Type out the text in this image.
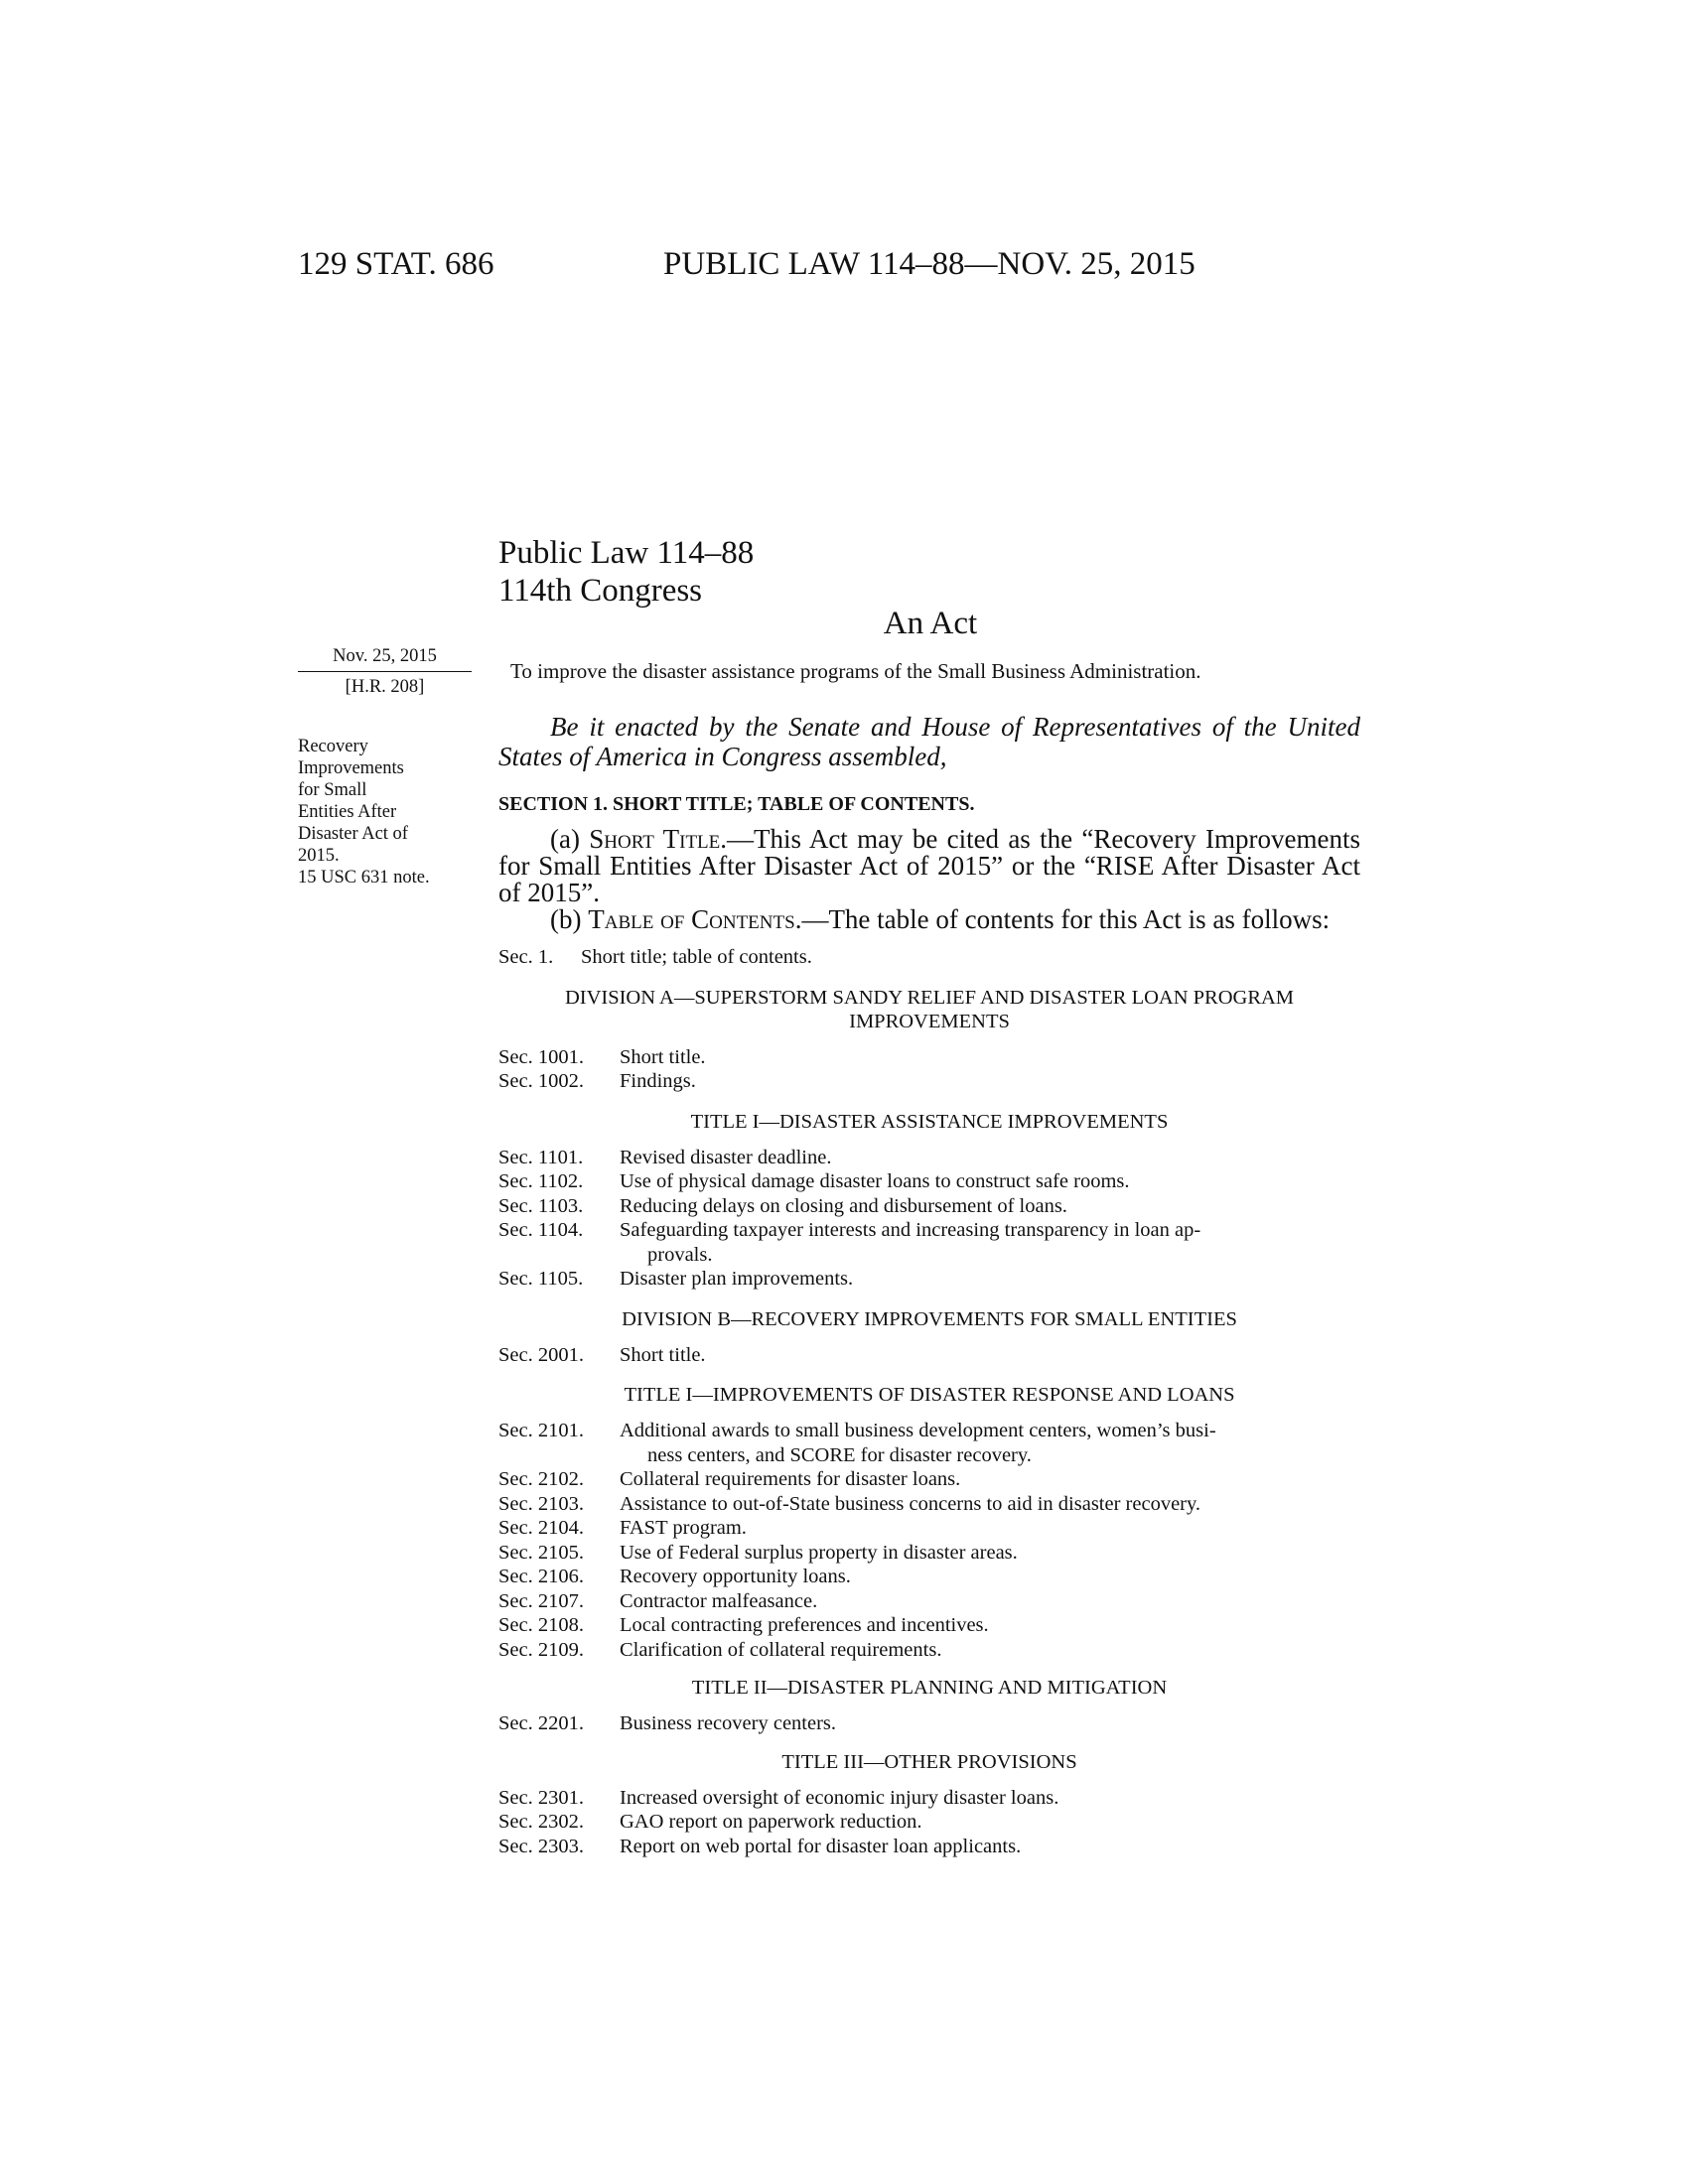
129 STAT. 686	PUBLIC LAW 114–88—NOV. 25, 2015
Public Law 114–88
114th Congress
An Act
Nov. 25, 2015
[H.R. 208]
Recovery
Improvements
for Small
Entities After
Disaster Act of
2015.
15 USC 631 note.
To improve the disaster assistance programs of the Small Business Administration.
Be it enacted by the Senate and House of Representatives of the United States of America in Congress assembled,
SECTION 1. SHORT TITLE; TABLE OF CONTENTS.
(a) Short Title.—This Act may be cited as the “Recovery Improvements for Small Entities After Disaster Act of 2015” or the “RISE After Disaster Act of 2015”.
(b) Table of Contents.—The table of contents for this Act is as follows:
Sec. 1.	Short title; table of contents.
DIVISION A—SUPERSTORM SANDY RELIEF AND DISASTER LOAN PROGRAM
IMPROVEMENTS
Sec. 1001.	Short title.
Sec. 1002.	Findings.
TITLE I—DISASTER ASSISTANCE IMPROVEMENTS
Sec. 1101.	Revised disaster deadline.
Sec. 1102.	Use of physical damage disaster loans to construct safe rooms.
Sec. 1103.	Reducing delays on closing and disbursement of loans.
Sec. 1104.	Safeguarding taxpayer interests and increasing transparency in loan ap-
provals.
Sec. 1105.	Disaster plan improvements.
DIVISION B—RECOVERY IMPROVEMENTS FOR SMALL ENTITIES
Sec. 2001.	Short title.
TITLE I—IMPROVEMENTS OF DISASTER RESPONSE AND LOANS
Sec. 2101.	Additional awards to small business development centers, women’s busi-
ness centers, and SCORE for disaster recovery.
Sec. 2102.	Collateral requirements for disaster loans.
Sec. 2103.	Assistance to out-of-State business concerns to aid in disaster recovery.
Sec. 2104.	FAST program.
Sec. 2105.	Use of Federal surplus property in disaster areas.
Sec. 2106.	Recovery opportunity loans.
Sec. 2107.	Contractor malfeasance.
Sec. 2108.	Local contracting preferences and incentives.
Sec. 2109.	Clarification of collateral requirements.
TITLE II—DISASTER PLANNING AND MITIGATION
Sec. 2201.	Business recovery centers.
TITLE III—OTHER PROVISIONS
Sec. 2301.	Increased oversight of economic injury disaster loans.
Sec. 2302.	GAO report on paperwork reduction.
Sec. 2303.	Report on web portal for disaster loan applicants.
